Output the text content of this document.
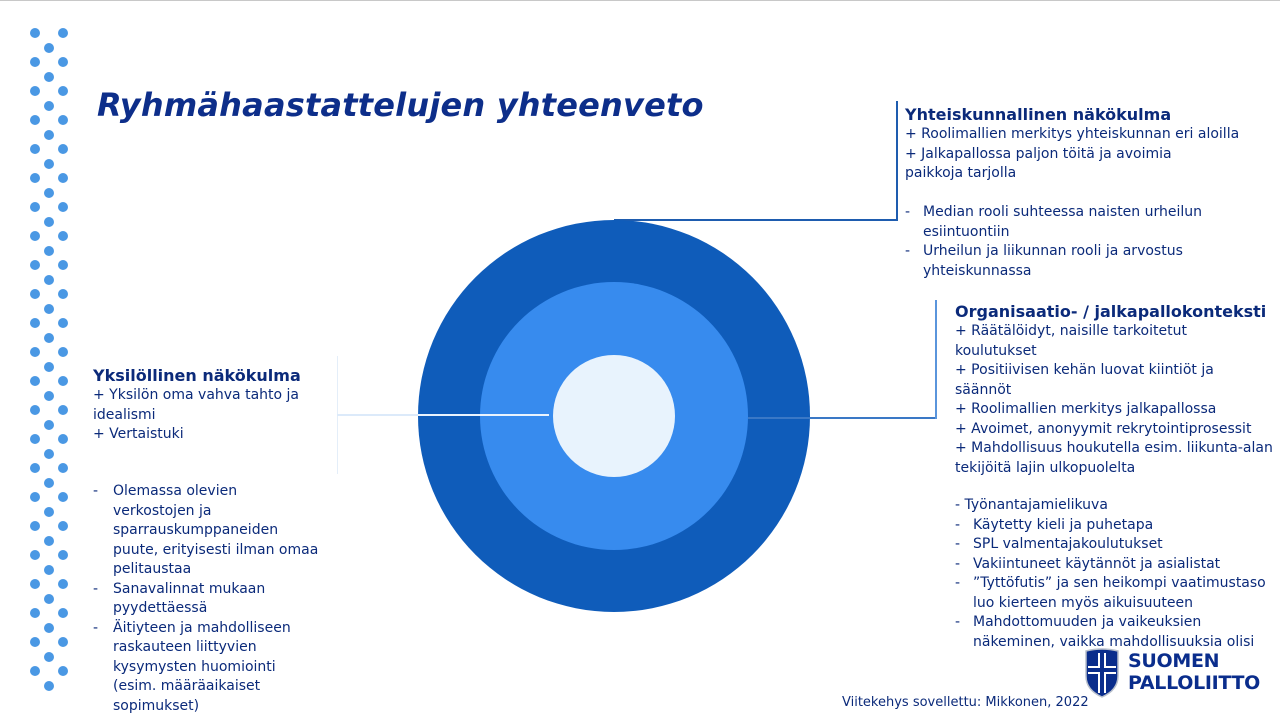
Ryhmähaastattelujen yhteenveto	Yhteiskunnallinen näkökulma
+ Roolimallien merkitys yhteiskunnan eri aloilla
+ Jalkapallossa paljon töitä ja avoimia
paikkoja tarjolla
- Median rooli suhteessa naisten urheilun
esiintuontiin
- Urheilun ja liikunnan rooli ja arvostus
yhteiskunnassa
Organisaatio- / jalkapallokonteksti
+ Räätälöidyt, naisille tarkoitetut
koulutukset
+ Positiivisen kehän luovat kiintiöt ja
säännöt
+ Roolimallien merkitys jalkapallossa
+ Avoimet, anonyymit rekrytointiprosessit
+ Mahdollisuus houkutella esim. liikunta-alan
tekijöitä lajin ulkopuolelta
- Työnantajamielikuva
- Käytetty kieli ja puhetapa
- SPL valmentajakoulutukset
- Vakiintuneet käytännöt ja asialistat
- ”Tyttöfutis” ja sen heikompi vaatimustaso
luo kierteen myös aikuisuuteen
- Mahdottomuuden ja vaikeuksien
näkeminen, vaikka mahdollisuuksia olisi
Yksilöllinen näkökulma
+ Yksilön oma vahva tahto ja
idealismi
+ Vertaistuki
- Olemassa olevien
verkostojen ja
sparrauskumppaneiden
puute, erityisesti ilman omaa
pelitaustaa
- Sanavalinnat mukaan
pyydettäessä
- Äitiyteen ja mahdolliseen
raskauteen liittyvien
kysymysten huomiointi
(esim. määräaikaiset
sopimukset)	Viitekehys sovellettu: Mikkonen, 2022
SUOMEN
PALLOLIITTO
